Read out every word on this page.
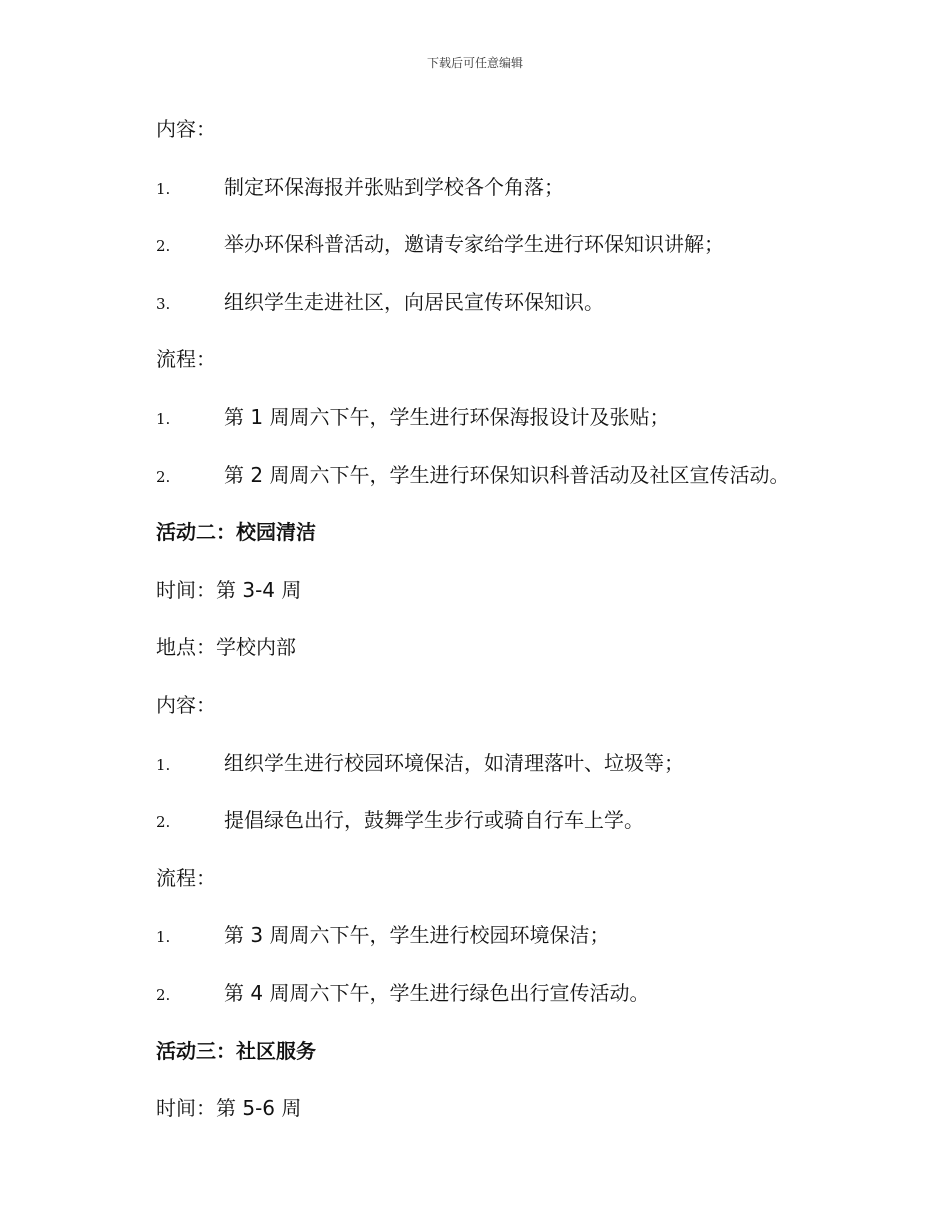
下载后可任意编辑
内容：
1.	制定环保海报并张贴到学校各个角落；
2.	举办环保科普活动，邀请专家给学生进行环保知识讲解；
3.	组织学生走进社区，向居民宣传环保知识。
流程：
1.	第 1 周周六下午，学生进行环保海报设计及张贴；
2.	第 2 周周六下午，学生进行环保知识科普活动及社区宣传活动。
活动二：校园清洁
时间：第 3-4 周
地点：学校内部
内容：
1.	组织学生进行校园环境保洁，如清理落叶、垃圾等；
2.	提倡绿色出行，鼓舞学生步行或骑自行车上学。
流程：
1.	第 3 周周六下午，学生进行校园环境保洁；
2.	第 4 周周六下午，学生进行绿色出行宣传活动。
活动三：社区服务
时间：第 5-6 周
